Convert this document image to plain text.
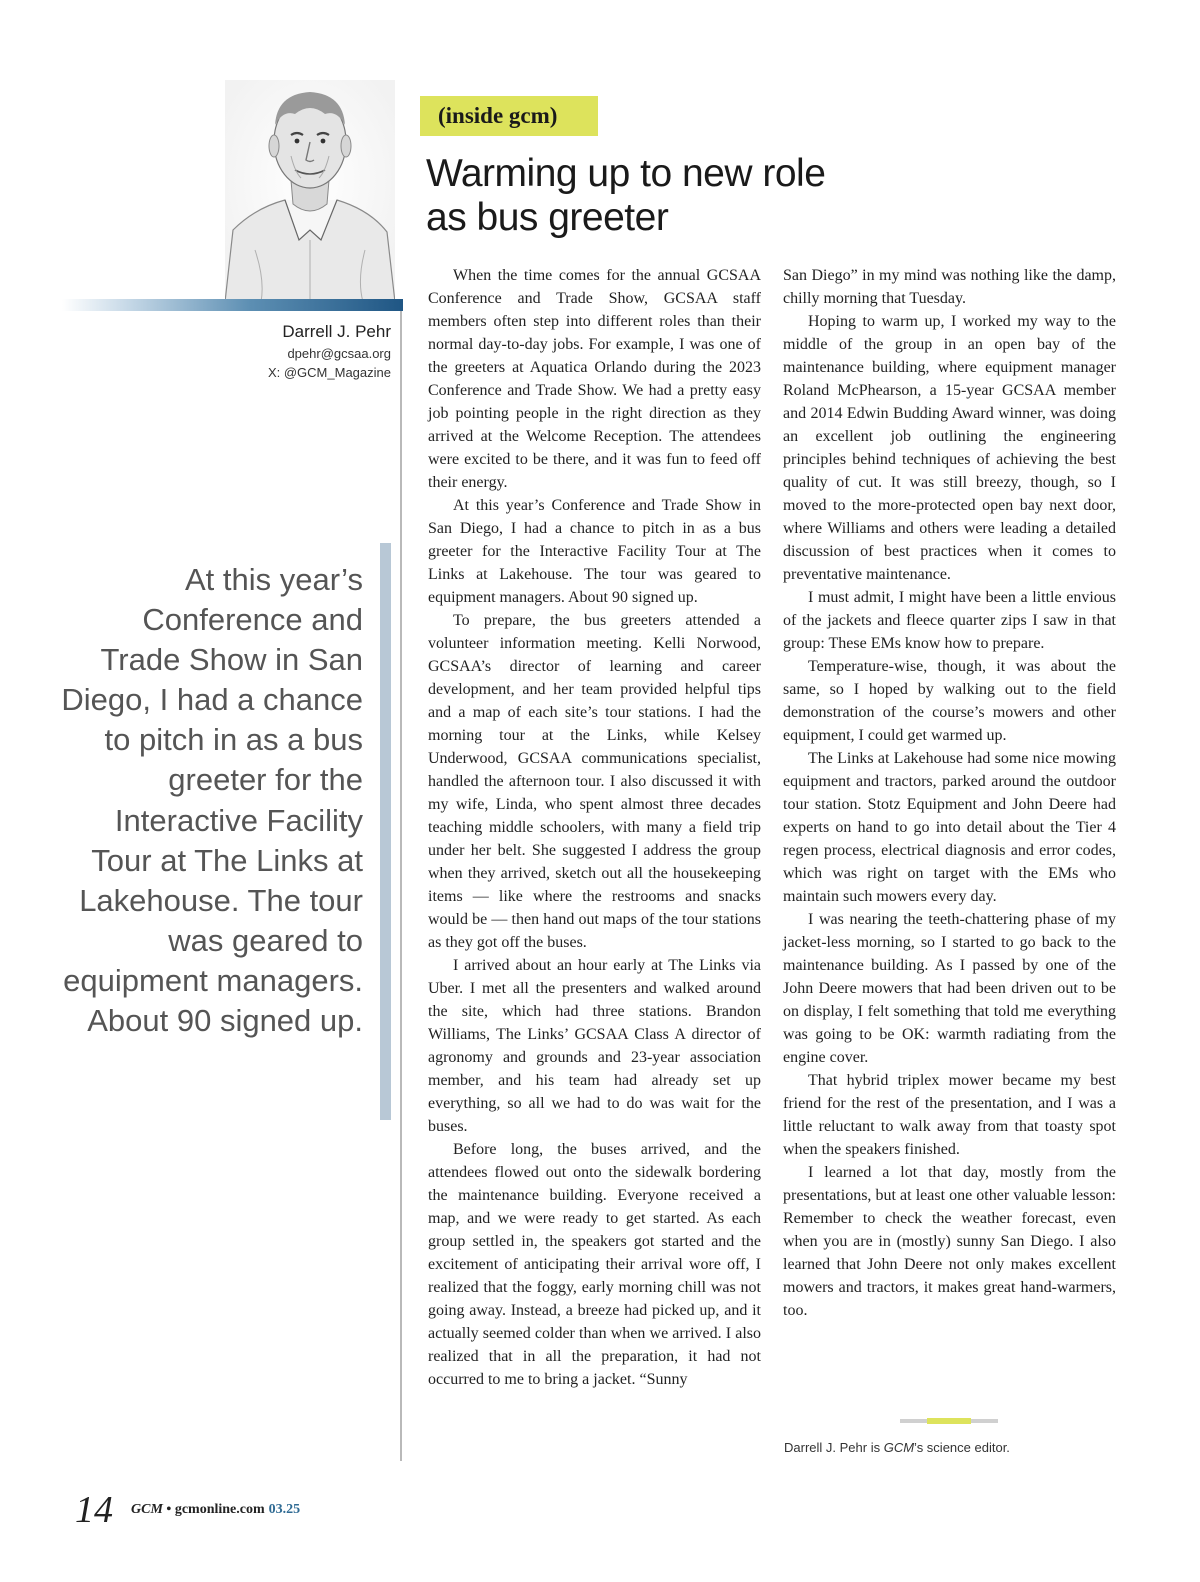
Darrell J. Pehr
dpehr@gcsaa.org
X: @GCM_Magazine
At this year’s Conference and Trade Show in San Diego, I had a chance to pitch in as a bus greeter for the Interactive Facility Tour at The Links at Lakehouse. The tour was geared to equipment managers. About 90 signed up.
(inside gcm)
Warming up to new role
as bus greeter

When the time comes for the annual GCSAA Conference and Trade Show, GCSAA staff members often step into different roles than their normal day-to-day jobs. For example, I was one of the greeters at Aquatica Orlando during the 2023 Conference and Trade Show. We had a pretty easy job pointing people in the right direction as they arrived at the Welcome Reception. The attendees were excited to be there, and it was fun to feed off their energy.

At this year’s Conference and Trade Show in San Diego, I had a chance to pitch in as a bus greeter for the Interactive Facility Tour at The Links at Lakehouse. The tour was geared to equipment managers. About 90 signed up.

To prepare, the bus greeters attended a volunteer information meeting. Kelli Norwood, GCSAA’s director of learning and career development, and her team provided helpful tips and a map of each site’s tour stations. I had the morning tour at the Links, while Kelsey Underwood, GCSAA communications specialist, handled the afternoon tour. I also discussed it with my wife, Linda, who spent almost three decades teaching middle schoolers, with many a field trip under her belt. She suggested I address the group when they arrived, sketch out all the housekeeping items — like where the restrooms and snacks would be — then hand out maps of the tour stations as they got off the buses.

I arrived about an hour early at The Links via Uber. I met all the presenters and walked around the site, which had three stations. Brandon Williams, The Links’ GCSAA Class A director of agronomy and grounds and 23-year association member, and his team had already set up everything, so all we had to do was wait for the buses.

Before long, the buses arrived, and the attendees flowed out onto the sidewalk bordering the maintenance building. Everyone received a map, and we were ready to get started. As each group settled in, the speakers got started and the excitement of anticipating their arrival wore off, I realized that the foggy, early morning chill was not going away. Instead, a breeze had picked up, and it actually seemed colder than when we arrived. I also realized that in all the preparation, it had not occurred to me to bring a jacket. “Sunny

San Diego” in my mind was nothing like the damp, chilly morning that Tuesday.

Hoping to warm up, I worked my way to the middle of the group in an open bay of the maintenance building, where equipment manager Roland McPhearson, a 15-year GCSAA member and 2014 Edwin Budding Award winner, was doing an excellent job outlining the engineering principles behind techniques of achieving the best quality of cut. It was still breezy, though, so I moved to the more-protected open bay next door, where Williams and others were leading a detailed discussion of best practices when it comes to preventative maintenance.

I must admit, I might have been a little envious of the jackets and fleece quarter zips I saw in that group: These EMs know how to prepare.

Temperature-wise, though, it was about the same, so I hoped by walking out to the field demonstration of the course’s mowers and other equipment, I could get warmed up.

The Links at Lakehouse had some nice mowing equipment and tractors, parked around the outdoor tour station. Stotz Equipment and John Deere had experts on hand to go into detail about the Tier 4 regen process, electrical diagnosis and error codes, which was right on target with the EMs who maintain such mowers every day.

I was nearing the teeth-chattering phase of my jacket-less morning, so I started to go back to the maintenance building. As I passed by one of the John Deere mowers that had been driven out to be on display, I felt something that told me everything was going to be OK: warmth radiating from the engine cover.

That hybrid triplex mower became my best friend for the rest of the presentation, and I was a little reluctant to walk away from that toasty spot when the speakers finished.

I learned a lot that day, mostly from the presentations, but at least one other valuable lesson: Remember to check the weather forecast, even when you are in (mostly) sunny San Diego. I also learned that John Deere not only makes excellent mowers and tractors, it makes great hand-warmers, too.

Darrell J. Pehr is GCM’s science editor.
14 GCM • gcmonline.com 03.25
